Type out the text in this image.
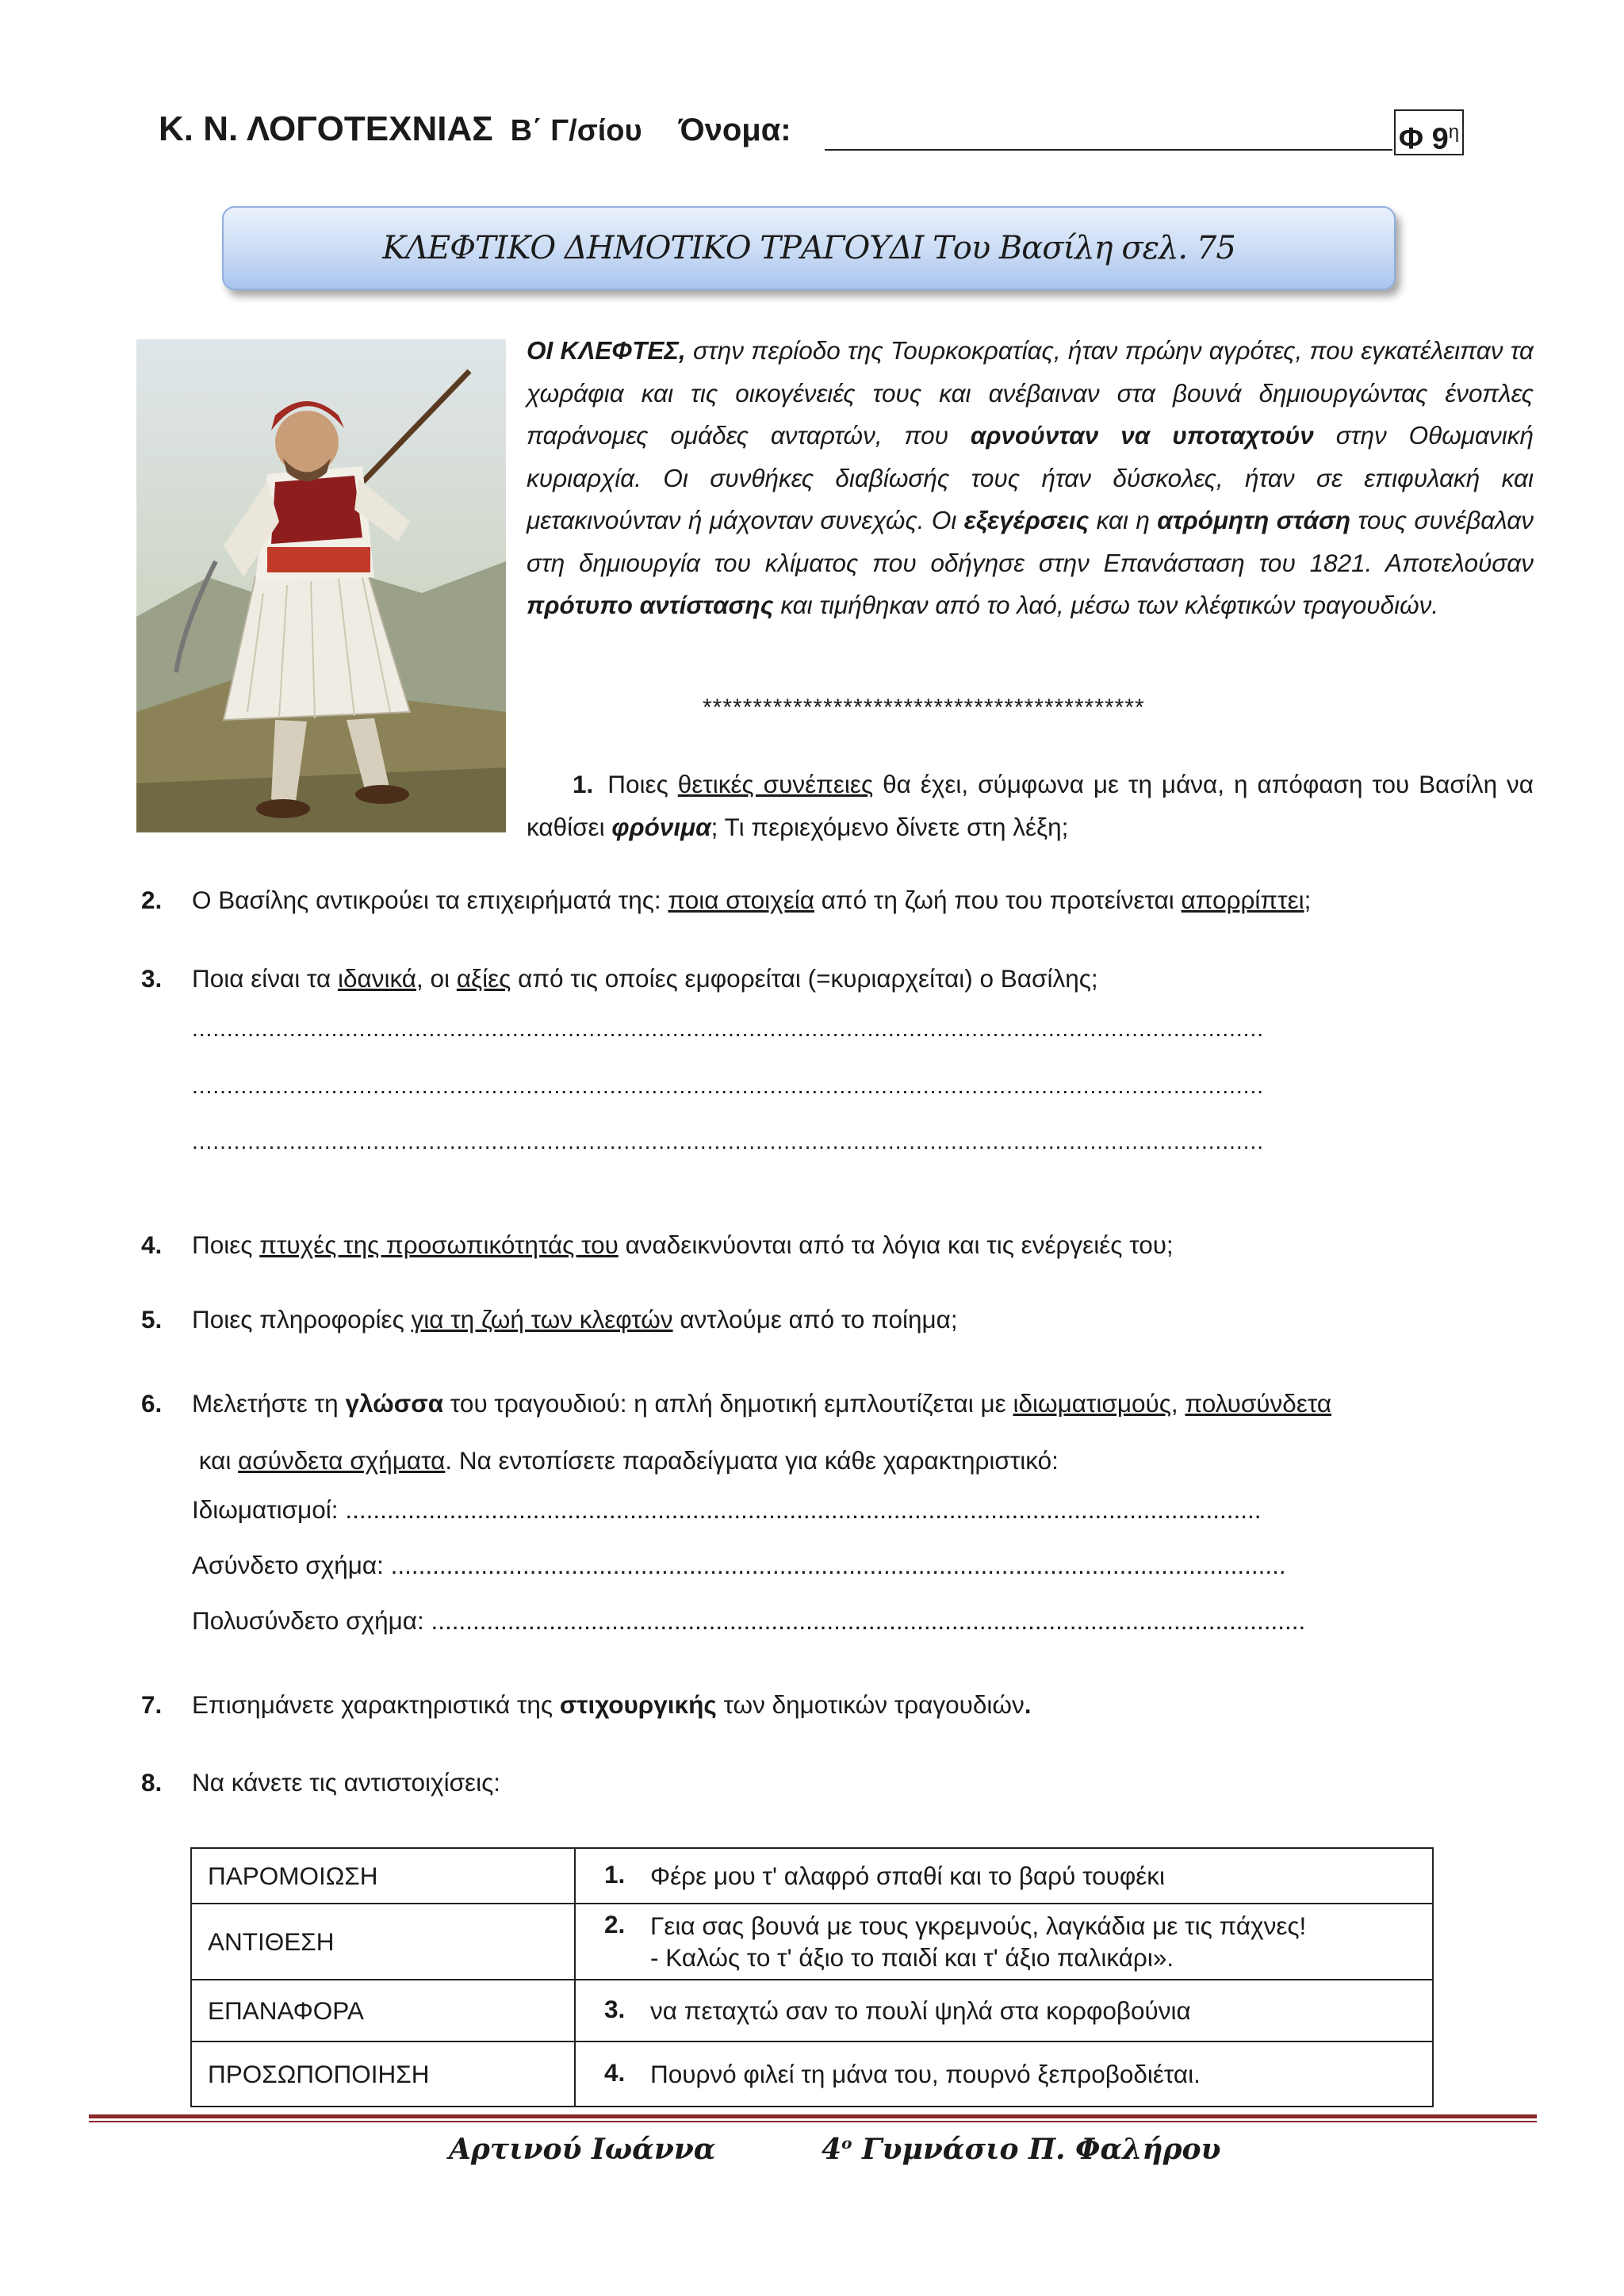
Κ. Ν. ΛΟΓΟΤΕΧΝΙΑΣ Β΄ Γ/σίου Όνομα:	Φ $9^\eta$
ΚΛΕΦΤΙΚΟ ΔΗΜΟΤΙΚΟ ΤΡΑΓΟΥΔΙ Του Βασίλη σελ. 75
ΟΙ ΚΛΕΦΤΕΣ, στην περίοδο της Τουρκοκρατίας, ήταν πρώην αγρότες, που εγκατέλειπαν τα χωράφια και τις οικογένειές τους και ανέβαιναν στα βουνά δημιουργώντας ένοπλες παράνομες ομάδες ανταρτών, που αρνούνταν να υποταχτούν στην Οθωμανική κυριαρχία. Οι συνθήκες διαβίωσής τους ήταν δύσκολες, ήταν σε επιφυλακή και μετακινούνταν ή μάχονταν συνεχώς. Οι εξεγέρσεις και η ατρόμητη στάση τους συνέβαλαν στη δημιουργία του κλίματος που οδήγησε στην Επανάσταση του 1821. Αποτελούσαν πρότυπο αντίστασης και τιμήθηκαν από το λαό, μέσω των κλέφτικών τραγουδιών.
********************************************
1. Ποιες θετικές συνέπειες θα έχει, σύμφωνα με τη μάνα, η απόφαση του Βασίλη να καθίσει φρόνιμα; Τι περιεχόμενο δίνετε στη λέξη;
2. Ο Βασίλης αντικρούει τα επιχειρήματά της: ποια στοιχεία από τη ζωή που του προτείνεται απορρίπτει;
3. Ποια είναι τα ιδανικά, οι αξίες από τις οποίες εμφορείται (=κυριαρχείται) ο Βασίλης;
..........................................................................................................................................................
..........................................................................................................................................................
..........................................................................................................................................................
4. Ποιες πτυχές της προσωπικότητάς του αναδεικνύονται από τα λόγια και τις ενέργειές του;
5. Ποιες πληροφορίες για τη ζωή των κλεφτών αντλούμε από το ποίημα;
6. Μελετήστε τη γλώσσα του τραγουδιού: η απλή δημοτική εμπλουτίζεται με ιδιωματισμούς, πολυσύνδετα
και ασύνδετα σχήματα. Να εντοπίσετε παραδείγματα για κάθε χαρακτηριστικό:
Ιδιωματισμοί: ....................................................................................................................................
Ασύνδετο σχήμα: .................................................................................................................................
Πολυσύνδετο σχήμα: ..............................................................................................................................
7. Επισημάνετε χαρακτηριστικά της στιχουργικής των δημοτικών τραγουδιών.
8. Να κάνετε τις αντιστοιχίσεις:
ΠΑΡΟΜΟΙΩΣΗ	1. Φέρε μου τ' αλαφρό σπαθί και το βαρύ τουφέκι
ΑΝΤΙΘΕΣΗ	2. Γεια σας βουνά με τους γκρεμνούς, λαγκάδια με τις πάχνες!
- Καλώς το τ' άξιο το παιδί και τ' άξιο παλικάρι».
ΕΠΑΝΑΦΟΡΑ	3. να πεταχτώ σαν το πουλί ψηλά στα κορφοβούνια
ΠΡΟΣΩΠΟΠΟΙΗΣΗ	4. Πουρνό φιλεί τη μάνα του, πουρνό ξεπροβοδιέται.
Αρτινού Ιωάννα	$4^o$ Γυμνάσιο Π. Φαλήρου
